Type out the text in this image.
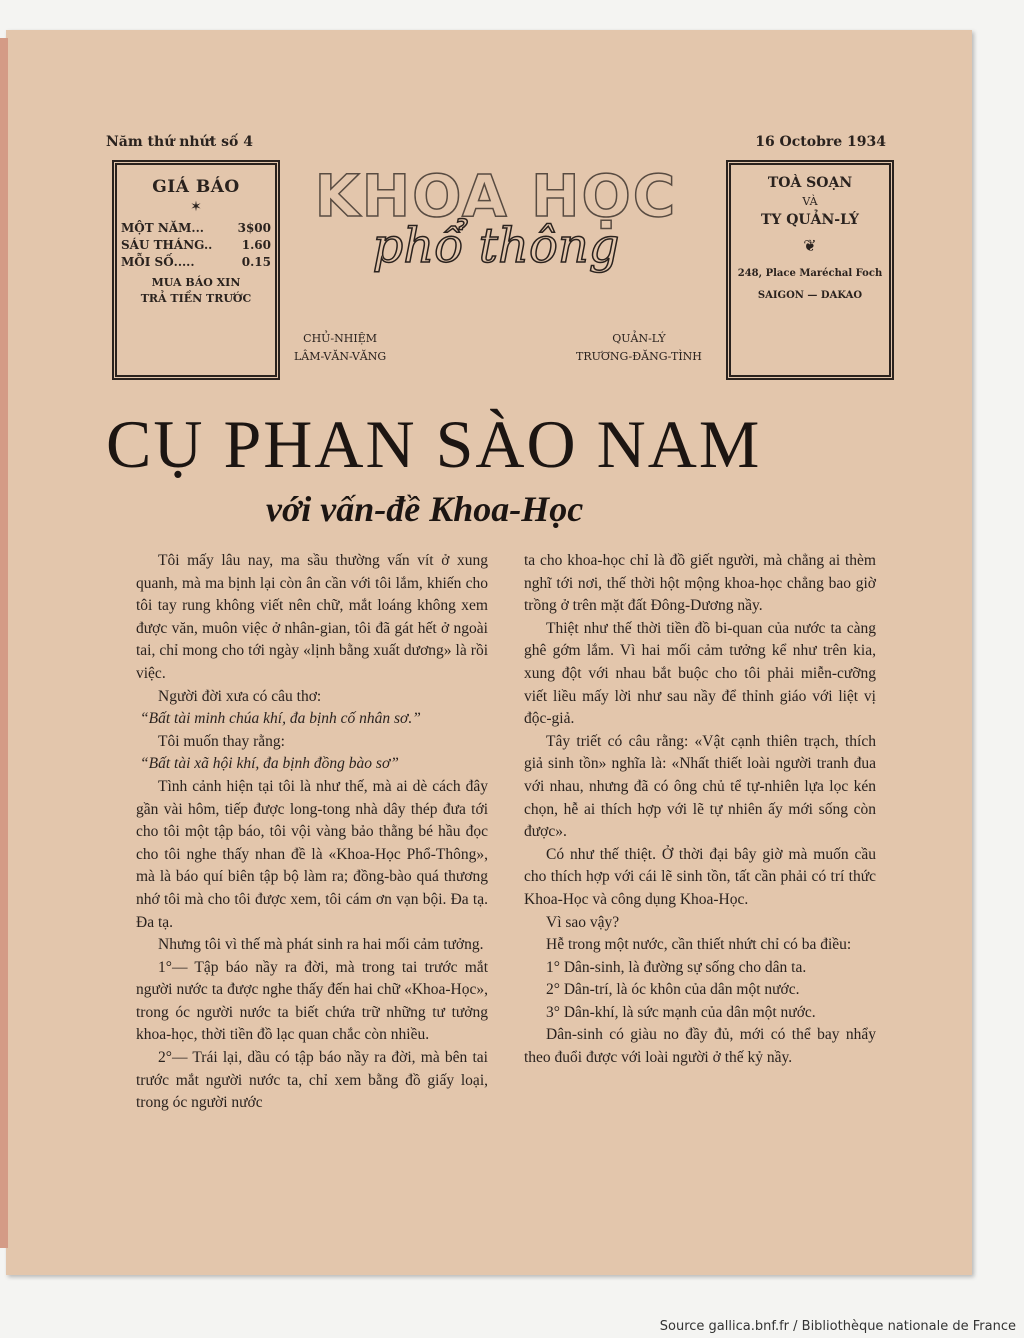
Năm thứ nhứt số 4	16 Octobre 1934
GIÁ BÁO
✶
MỘT NĂM...	3$00
SÁU THÁNG.. 1.60
MỖI SỐ.....	0.15
MUA BÁO XIN
TRẢ TIỀN TRƯỚC
KHOA HỌC
phổ thông
CHỦ-NHIỆM
LÂM-VĂN-VĂNG
QUẢN-LÝ
TRƯƠNG-ĐĂNG-TÌNH
TOÀ SOẠN
VÀ
TY QUẢN-LÝ
❦
248, Place Maréchal Foch
SAIGON — DAKAO
CỤ PHAN SÀO NAM
với vấn-đề Khoa-Học

Tôi mấy lâu nay, ma sầu thường vấn vít ở xung quanh, mà ma bịnh lại còn ân cần với tôi lắm, khiến cho tôi tay rung không viết nên chữ, mắt loáng không xem được văn, muôn việc ở nhân-gian, tôi đã gát hết ở ngoài tai, chỉ mong cho tới ngày «lịnh bằng xuất dương» là rồi việc.

Người đời xưa có câu thơ:

“Bất tài minh chúa khí, đa bịnh cố nhân sơ.”

Tôi muốn thay rằng:

“Bất tài xã hội khí, đa bịnh đồng bào sơ”

Tình cảnh hiện tại tôi là như thế, mà ai dè cách đây gần vài hôm, tiếp được long-tong nhà dây thép đưa tới cho tôi một tập báo, tôi vội vàng bảo thằng bé hầu đọc cho tôi nghe thấy nhan đề là «Khoa-Học Phổ-Thông», mà là báo quí biên tập bộ làm ra; đồng-bào quá thương nhớ tôi mà cho tôi được xem, tôi cám ơn vạn bội. Đa tạ. Đa tạ.

Nhưng tôi vì thế mà phát sinh ra hai mối cảm tưởng.

1°— Tập báo nầy ra đời, mà trong tai trước mắt người nước ta được nghe thấy đến hai chữ «Khoa-Học», trong óc người nước ta biết chứa trữ những tư tưởng khoa-học, thời tiền đồ lạc quan chắc còn nhiều.

2°— Trái lại, dầu có tập báo nầy ra đời, mà bên tai trước mắt người nước ta, chỉ xem bằng đồ giấy loại, trong óc người nước

ta cho khoa-học chỉ là đồ giết người, mà chẳng ai thèm nghĩ tới nơi, thế thời hột mộng khoa-học chẳng bao giờ trồng ở trên mặt đất Đông-Dương nầy.

Thiệt như thế thời tiền đồ bi-quan của nước ta càng ghê gớm lắm. Vì hai mối cảm tưởng kể như trên kia, xung đột với nhau bắt buộc cho tôi phải miễn-cưỡng viết liều mấy lời như sau nầy để thỉnh giáo với liệt vị độc-giả.

Tây triết có câu rằng: «Vật cạnh thiên trạch, thích giả sinh tồn» nghĩa là: «Nhất thiết loài người tranh đua với nhau, nhưng đã có ông chủ tể tự-nhiên lựa lọc kén chọn, hễ ai thích hợp với lẽ tự nhiên ấy mới sống còn được».

Có như thế thiệt. Ở thời đại bây giờ mà muốn cầu cho thích hợp với cái lẽ sinh tồn, tất cần phải có trí thức Khoa-Học và công dụng Khoa-Học.

Vì sao vậy?

Hễ trong một nước, cần thiết nhứt chỉ có ba điều:

1° Dân-sinh, là đường sự sống cho dân ta.

2° Dân-trí, là óc khôn của dân một nước.

3° Dân-khí, là sức mạnh của dân một nước.

Dân-sinh có giàu no đầy đủ, mới có thể bay nhẩy theo đuổi được với loài người ở thế kỷ nầy.

Source gallica.bnf.fr / Bibliothèque nationale de France
